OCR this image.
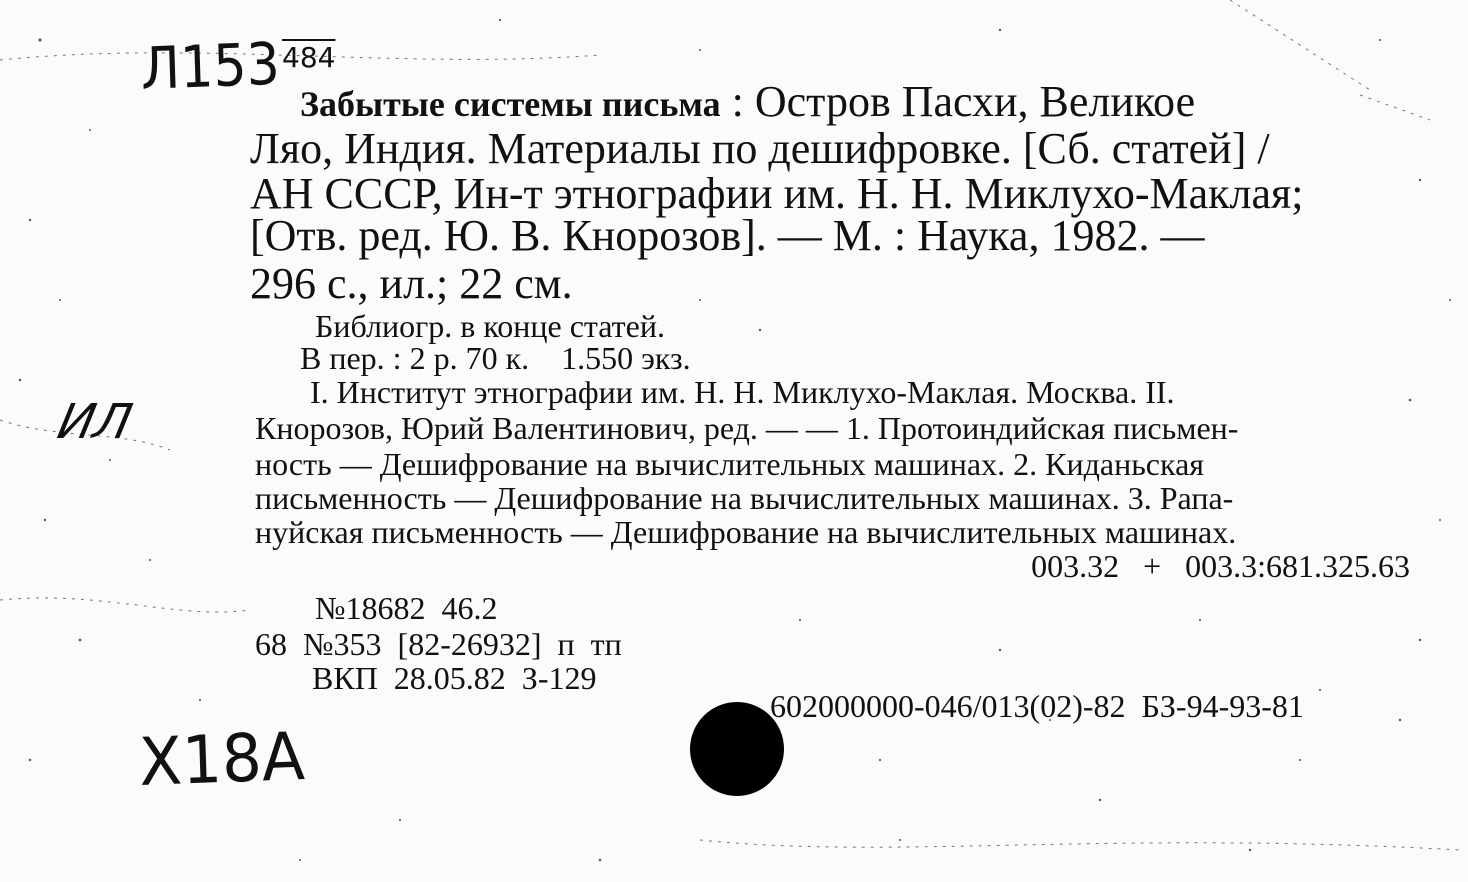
Л153 484
ИЛ
Х18А
Забытые системы письма : Остров Пасхи, Великое
Ляо, Индия. Материалы по дешифровке. [Сб. статей] /
АН СССР, Ин-т этнографии им. Н. Н. Миклухо-Маклая;
[Отв. ред. Ю. В. Кнорозов]. — М. : Наука, 1982. —
296 с., ил.; 22 см.
Библиогр. в конце статей.
В пер. : 2 р. 70 к.    1.550 экз.
I. Институт этнографии им. Н. Н. Миклухо-Маклая. Москва. II.
Кнорозов, Юрий Валентинович, ред. — — 1. Протоиндийская письмен-
ность — Дешифрование на вычислительных машинах. 2. Киданьская
письменность — Дешифрование на вычислительных машинах. 3. Рапа-
нуйская письменность — Дешифрование на вычислительных машинах.
003.32   +   003.3:681.325.63
№18682  46.2
68  №353  [82-26932]  п  тп
ВКП  28.05.82  З-129
602000000-046/013(02)-82  БЗ-94-93-81
